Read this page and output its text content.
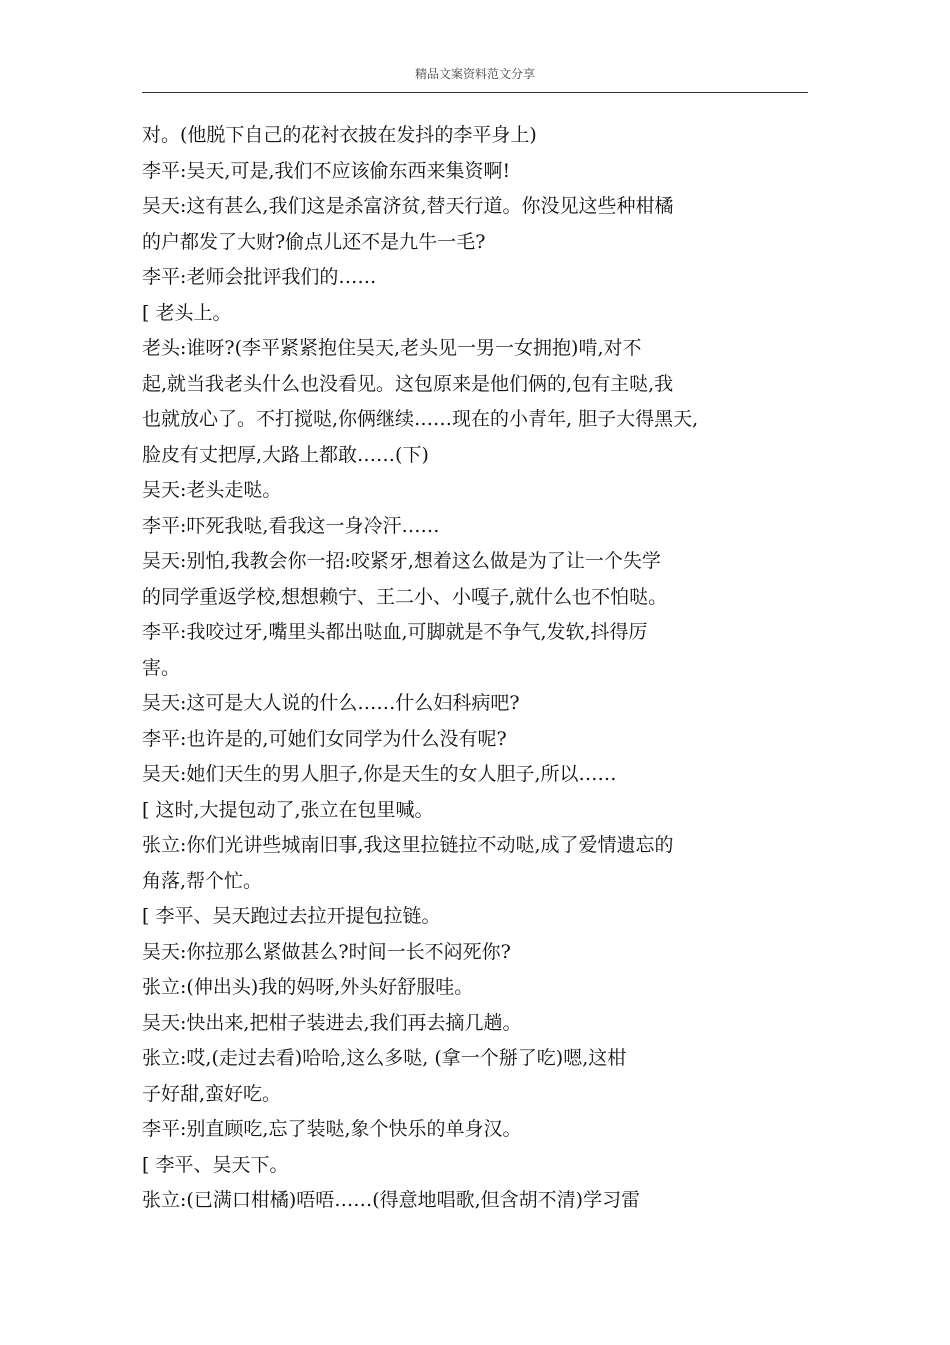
精品文案资料范文分享
对。(他脱下自己的花衬衣披在发抖的李平身上)
李平:吴天,可是,我们不应该偷东西来集资啊!
吴天:这有甚么,我们这是杀富济贫,替天行道。你没见这些种柑橘
的户都发了大财?偷点儿还不是九牛一毛?
李平:老师会批评我们的……
[ 老头上。
老头:谁呀?(李平紧紧抱住吴天,老头见一男一女拥抱)啃,对不
起,就当我老头什么也没看见。这包原来是他们俩的,包有主哒,我
也就放心了。不打搅哒,你俩继续……现在的小青年, 胆子大得黑天,
脸皮有丈把厚,大路上都敢……(下)
吴天:老头走哒。
李平:吓死我哒,看我这一身冷汗……
吴天:别怕,我教会你一招:咬紧牙,想着这么做是为了让一个失学
的同学重返学校,想想赖宁、王二小、小嘎子,就什么也不怕哒。
李平:我咬过牙,嘴里头都出哒血,可脚就是不争气,发软,抖得厉
害。
吴天:这可是大人说的什么……什么妇科病吧?
李平:也许是的,可她们女同学为什么没有呢?
吴天:她们天生的男人胆子,你是天生的女人胆子,所以……
[ 这时,大提包动了,张立在包里喊。
张立:你们光讲些城南旧事,我这里拉链拉不动哒,成了爱情遗忘的
角落,帮个忙。
[ 李平、吴天跑过去拉开提包拉链。
吴天:你拉那么紧做甚么?时间一长不闷死你?
张立:(伸出头)我的妈呀,外头好舒服哇。
吴天:快出来,把柑子装进去,我们再去摘几趟。
张立:哎,(走过去看)哈哈,这么多哒, (拿一个掰了吃)嗯,这柑
子好甜,蛮好吃。
李平:别直顾吃,忘了装哒,象个快乐的单身汉。
[ 李平、吴天下。
张立:(已满口柑橘)唔唔……(得意地唱歌,但含胡不清)学习雷
